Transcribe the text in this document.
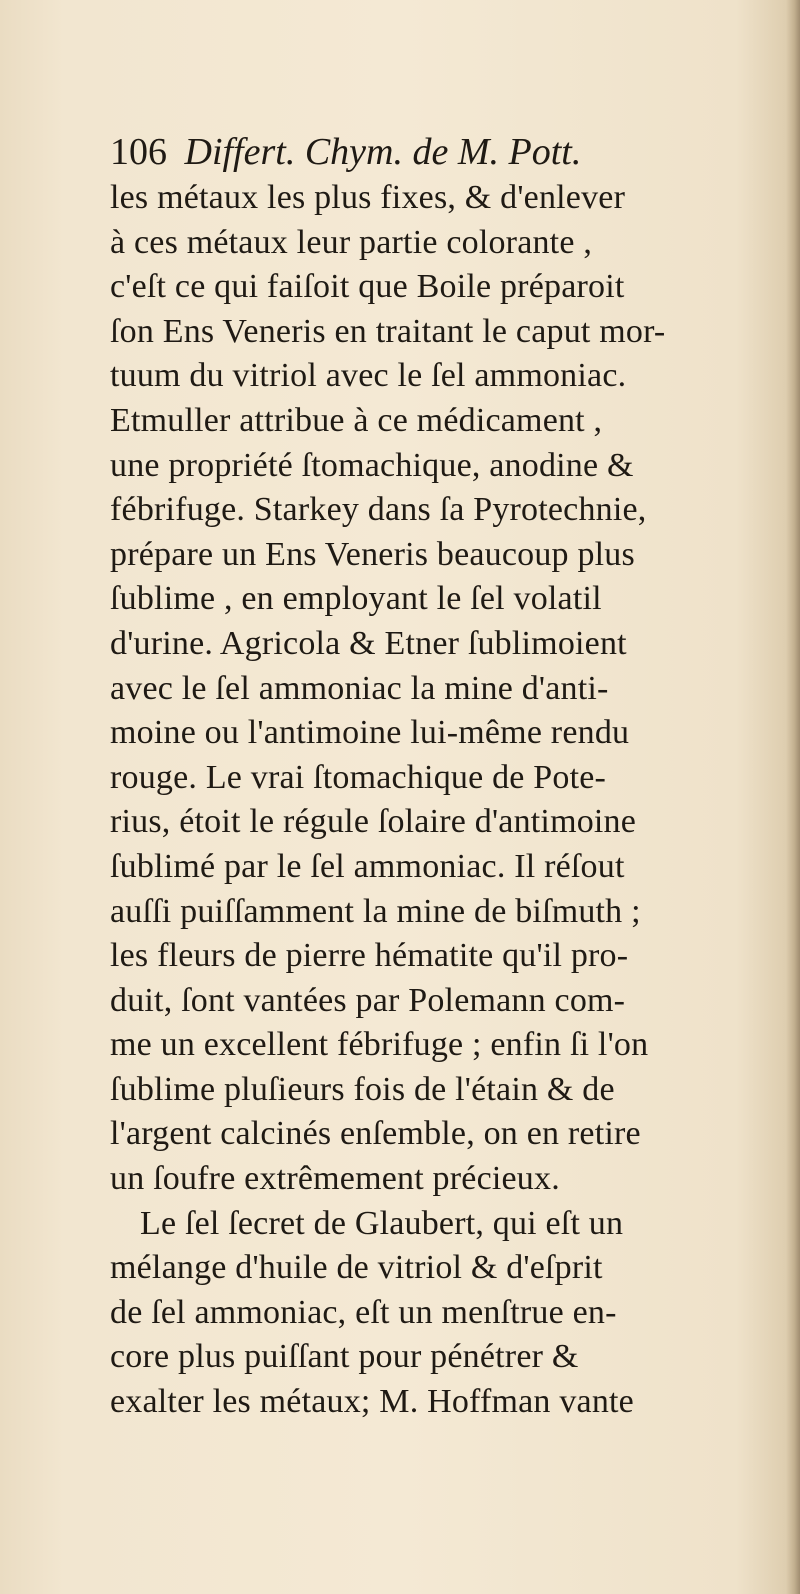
106 Differt. Chym. de M. Pott.
les métaux les plus fixes, & d'enlever
à ces métaux leur partie colorante ,
c'eſt ce qui faiſoit que Boile préparoit
ſon Ens Veneris en traitant le caput mor-
tuum du vitriol avec le ſel ammoniac.
Etmuller attribue à ce médicament ,
une propriété ſtomachique, anodine &
fébrifuge. Starkey dans ſa Pyrotechnie,
prépare un Ens Veneris beaucoup plus
ſublime , en employant le ſel volatil
d'urine. Agricola & Etner ſublimoient
avec le ſel ammoniac la mine d'anti-
moine ou l'antimoine lui-même rendu
rouge. Le vrai ſtomachique de Pote-
rius, étoit le régule ſolaire d'antimoine
ſublimé par le ſel ammoniac. Il réſout
auſſi puiſſamment la mine de biſmuth ;
les fleurs de pierre hématite qu'il pro-
duit, ſont vantées par Polemann com-
me un excellent fébrifuge ; enfin ſi l'on
ſublime pluſieurs fois de l'étain & de
l'argent calcinés enſemble, on en retire
un ſoufre extrêmement précieux.
Le ſel ſecret de Glaubert, qui eſt un
mélange d'huile de vitriol & d'eſprit
de ſel ammoniac, eſt un menſtrue en-
core plus puiſſant pour pénétrer &
exalter les métaux; M. Hoffman vante
